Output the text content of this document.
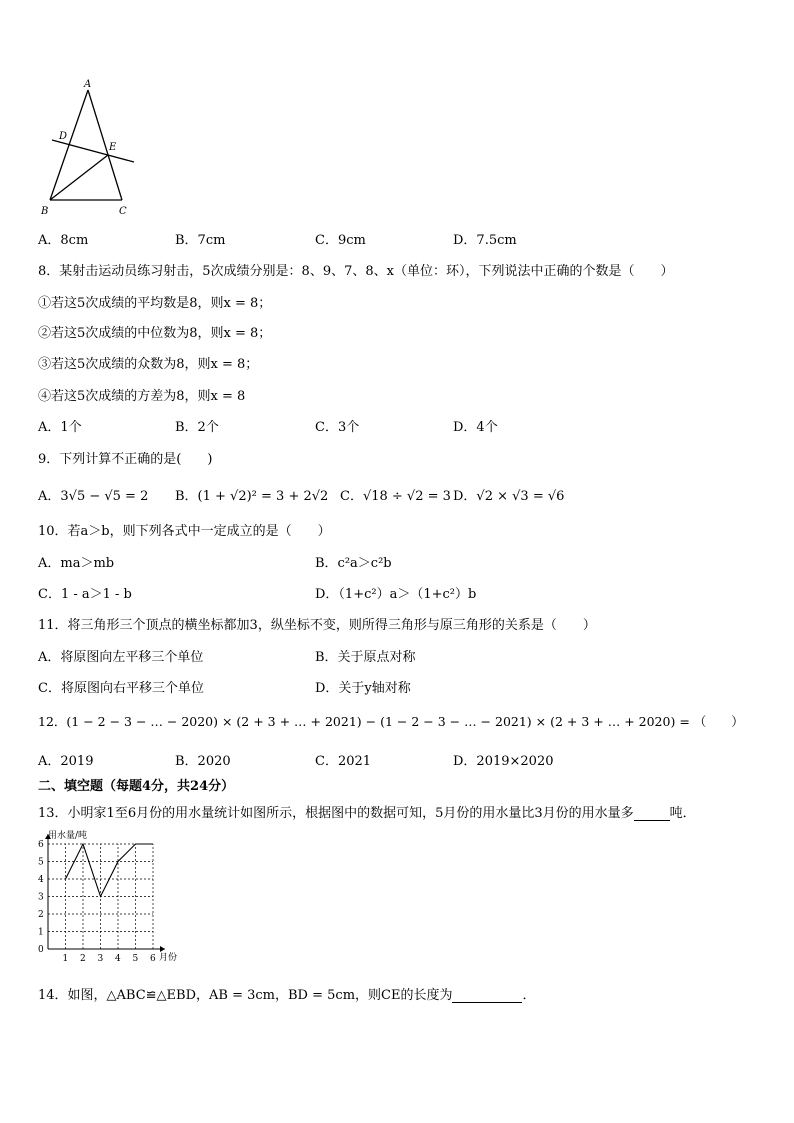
A
D
E
B	C
A．8cm	B．7cm	C．9cm	D．7.5cm
8．某射击运动员练习射击，5次成绩分别是：8、9、7、8、x（单位：环），下列说法中正确的个数是（　　）
①若这5次成绩的平均数是8，则x = 8；
②若这5次成绩的中位数为8，则x = 8；
③若这5次成绩的众数为8，则x = 8；
④若这5次成绩的方差为8，则x = 8
A．1个	B．2个	C．3个	D．4个
9．下列计算不正确的是(　　)
A．3√5 − √5 = 2 B．(1 + √2)² = 3 + 2√2 C．√18 ÷ √2 = 3 D．√2 × √3 = √6
10．若a＞b，则下列各式中一定成立的是（　　）
A．ma＞mb	B．c²a＞c²b
C．1 - a＞1 - b	D．（1+c²）a＞（1+c²）b
11．将三角形三个顶点的横坐标都加3，纵坐标不变，则所得三角形与原三角形的关系是（　　）
A．将原图向左平移三个单位	B．关于原点对称
C．将原图向右平移三个单位	D．关于y轴对称
12．(1 − 2 − 3 − … − 2020) × (2 + 3 + … + 2021) − (1 − 2 − 3 − … − 2021) × (2 + 3 + … + 2020) = （　　）
A．2019	B．2020	C．2021	D．2019×2020
二、填空题（每题4分，共24分）
13．小明家1至6月份的用水量统计如图所示，根据图中的数据可知，5月份的用水量比3月份的用水量多	吨．
0
1
2
3
4
5
6
1 2 3 4 5 6
用水量/吨
月份
14．如图，△ABC≌△EBD，AB = 3cm，BD = 5cm，则CE的长度为	．
